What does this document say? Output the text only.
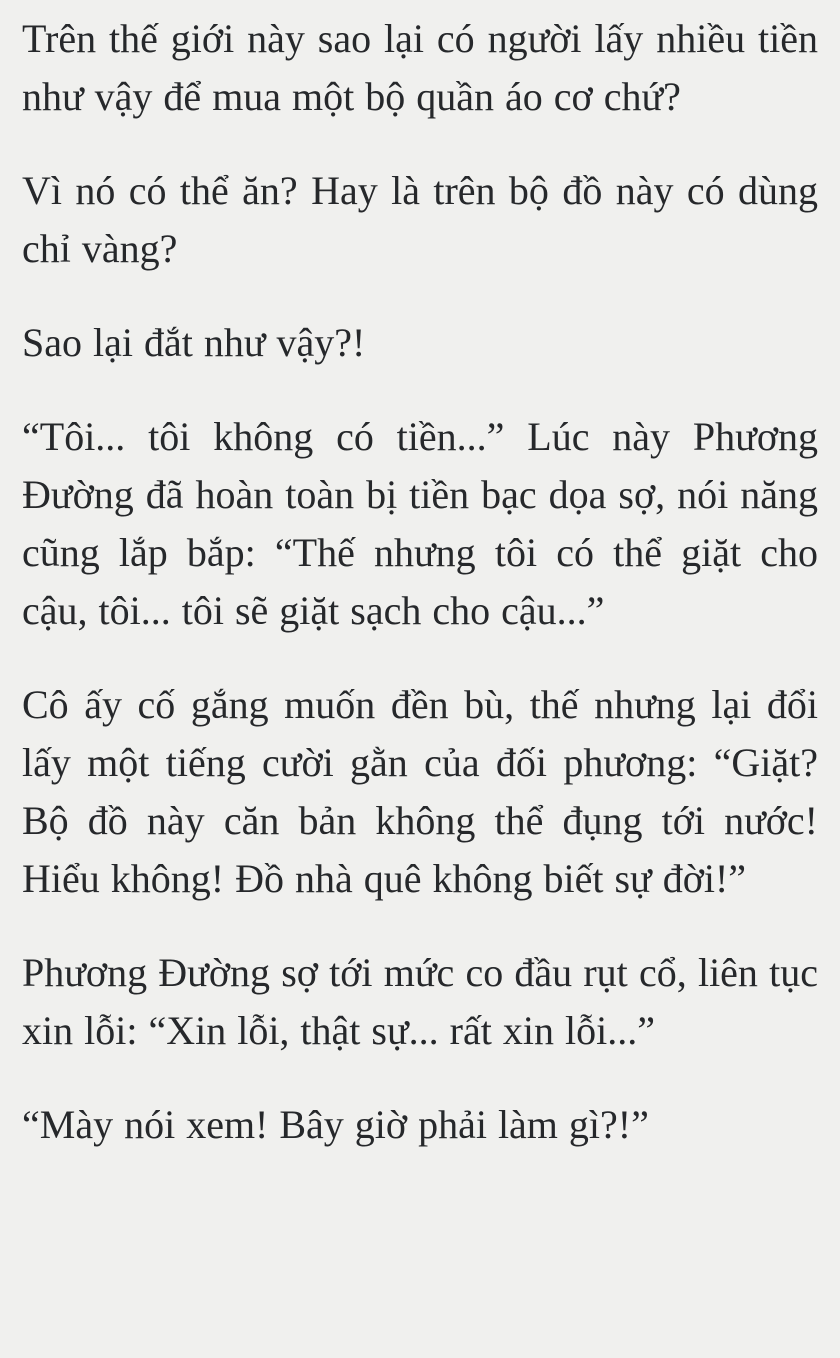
Trên thế giới này sao lại có người lấy nhiều tiền như vậy để mua một bộ quần áo cơ chứ?

Vì nó có thể ăn? Hay là trên bộ đồ này có dùng chỉ vàng?

Sao lại đắt như vậy?!

“Tôi... tôi không có tiền...” Lúc này Phương Đường đã hoàn toàn bị tiền bạc dọa sợ, nói năng cũng lắp bắp: “Thế nhưng tôi có thể giặt cho cậu, tôi... tôi sẽ giặt sạch cho cậu...”

Cô ấy cố gắng muốn đền bù, thế nhưng lại đổi lấy một tiếng cười gằn của đối phương: “Giặt? Bộ đồ này căn bản không thể đụng tới nước! Hiểu không! Đồ nhà quê không biết sự đời!”

Phương Đường sợ tới mức co đầu rụt cổ, liên tục xin lỗi: “Xin lỗi, thật sự... rất xin lỗi...”

“Mày nói xem! Bây giờ phải làm gì?!”
